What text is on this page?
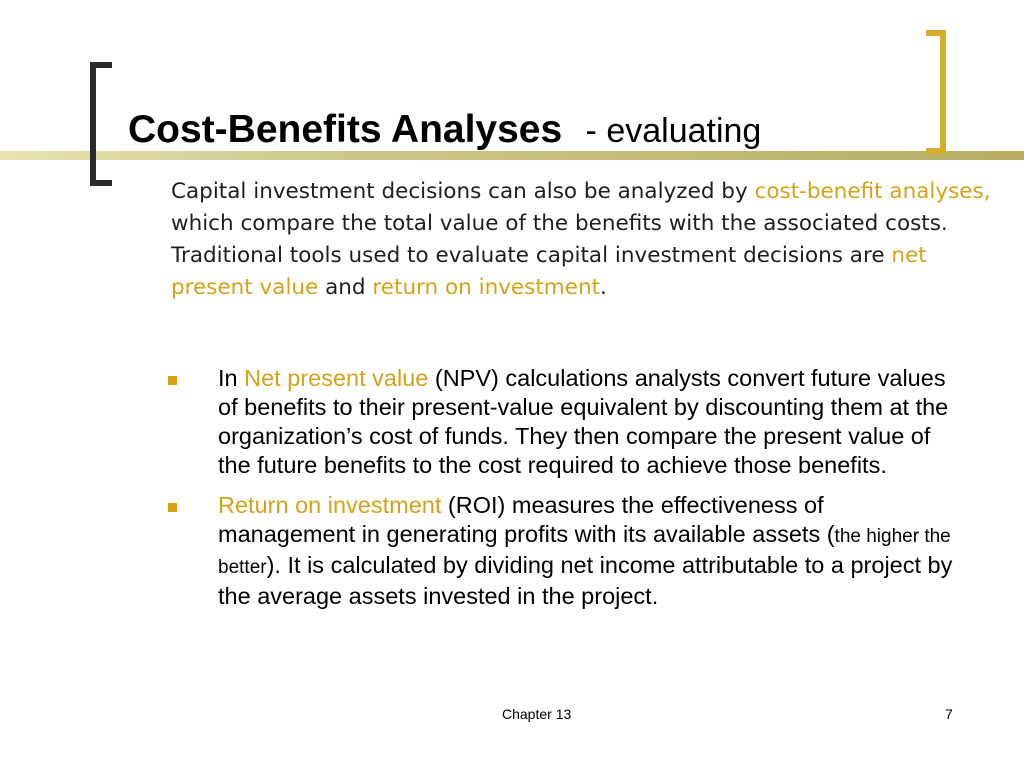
Cost-Benefits Analyses - evaluating
Capital investment decisions can also be analyzed by cost-benefit analyses, which compare the total value of the benefits with the associated costs. Traditional tools used to evaluate capital investment decisions are net present value and return on investment.
In Net present value (NPV) calculations analysts convert future values of benefits to their present-value equivalent by discounting them at the organization’s cost of funds. They then compare the present value of the future benefits to the cost required to achieve those benefits.
Return on investment (ROI) measures the effectiveness of management in generating profits with its available assets (the higher the better). It is calculated by dividing net income attributable to a project by the average assets invested in the project.
Chapter 13	7
